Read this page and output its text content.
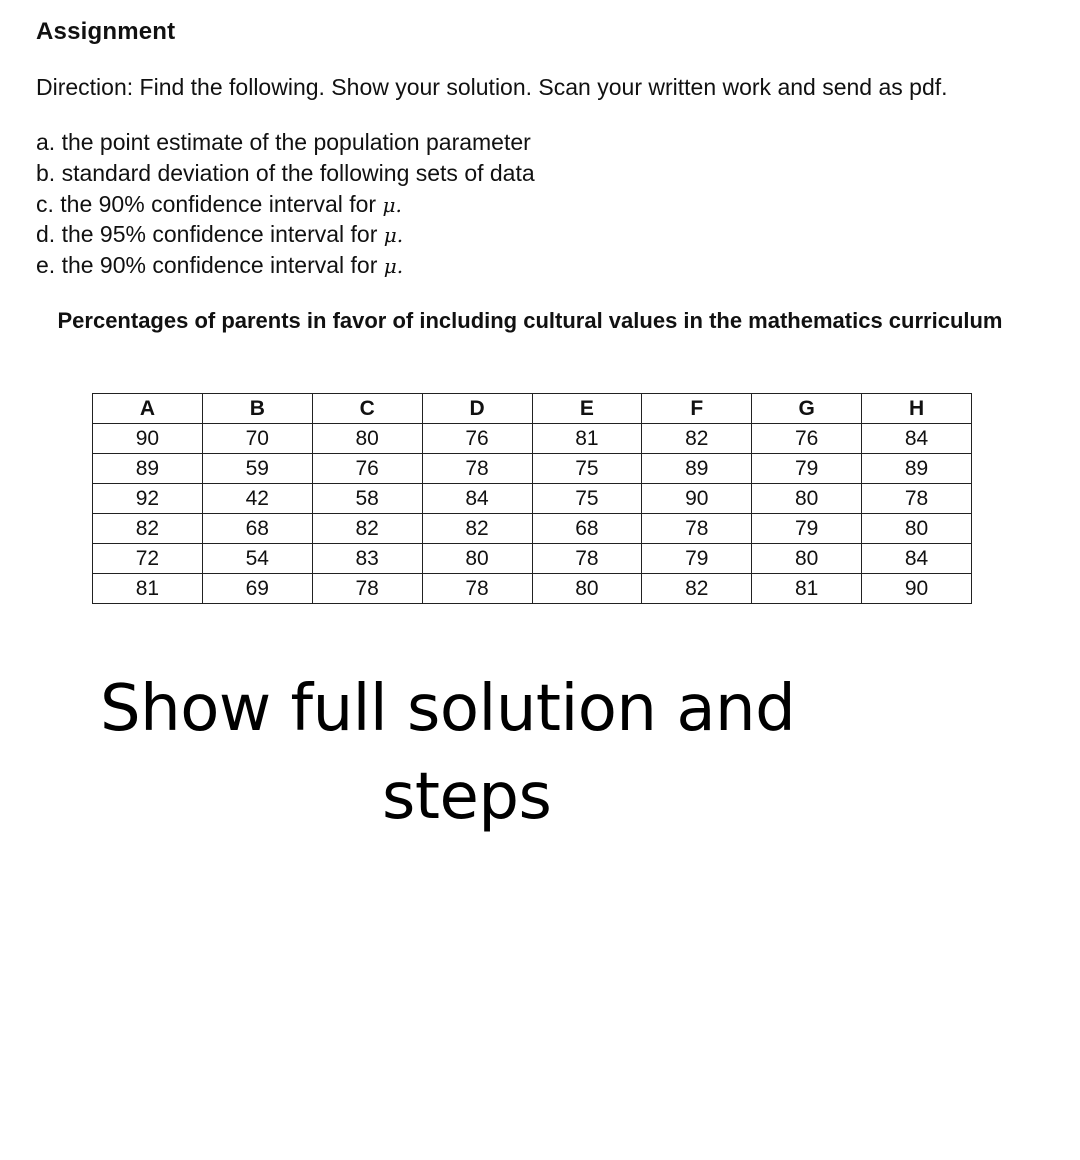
Assignment
Direction: Find the following. Show your solution. Scan your written work and send as pdf.
a. the point estimate of the population parameter
b. standard deviation of the following sets of data
c. the 90% confidence interval for μ.
d. the 95% confidence interval for μ.
e. the 90% confidence interval for μ.
Percentages of parents in favor of including cultural values in the mathematics curriculum
A	B	C	D	E	F	G	H
90	70	80	76	81	82	76	84
89	59	76	78	75	89	79	89
92	42	58	84	75	90	80	78
82	68	82	82	68	78	79	80
72	54	83	80	78	79	80	84
81	69	78	78	80	82	81	90
Show full solution and
steps
